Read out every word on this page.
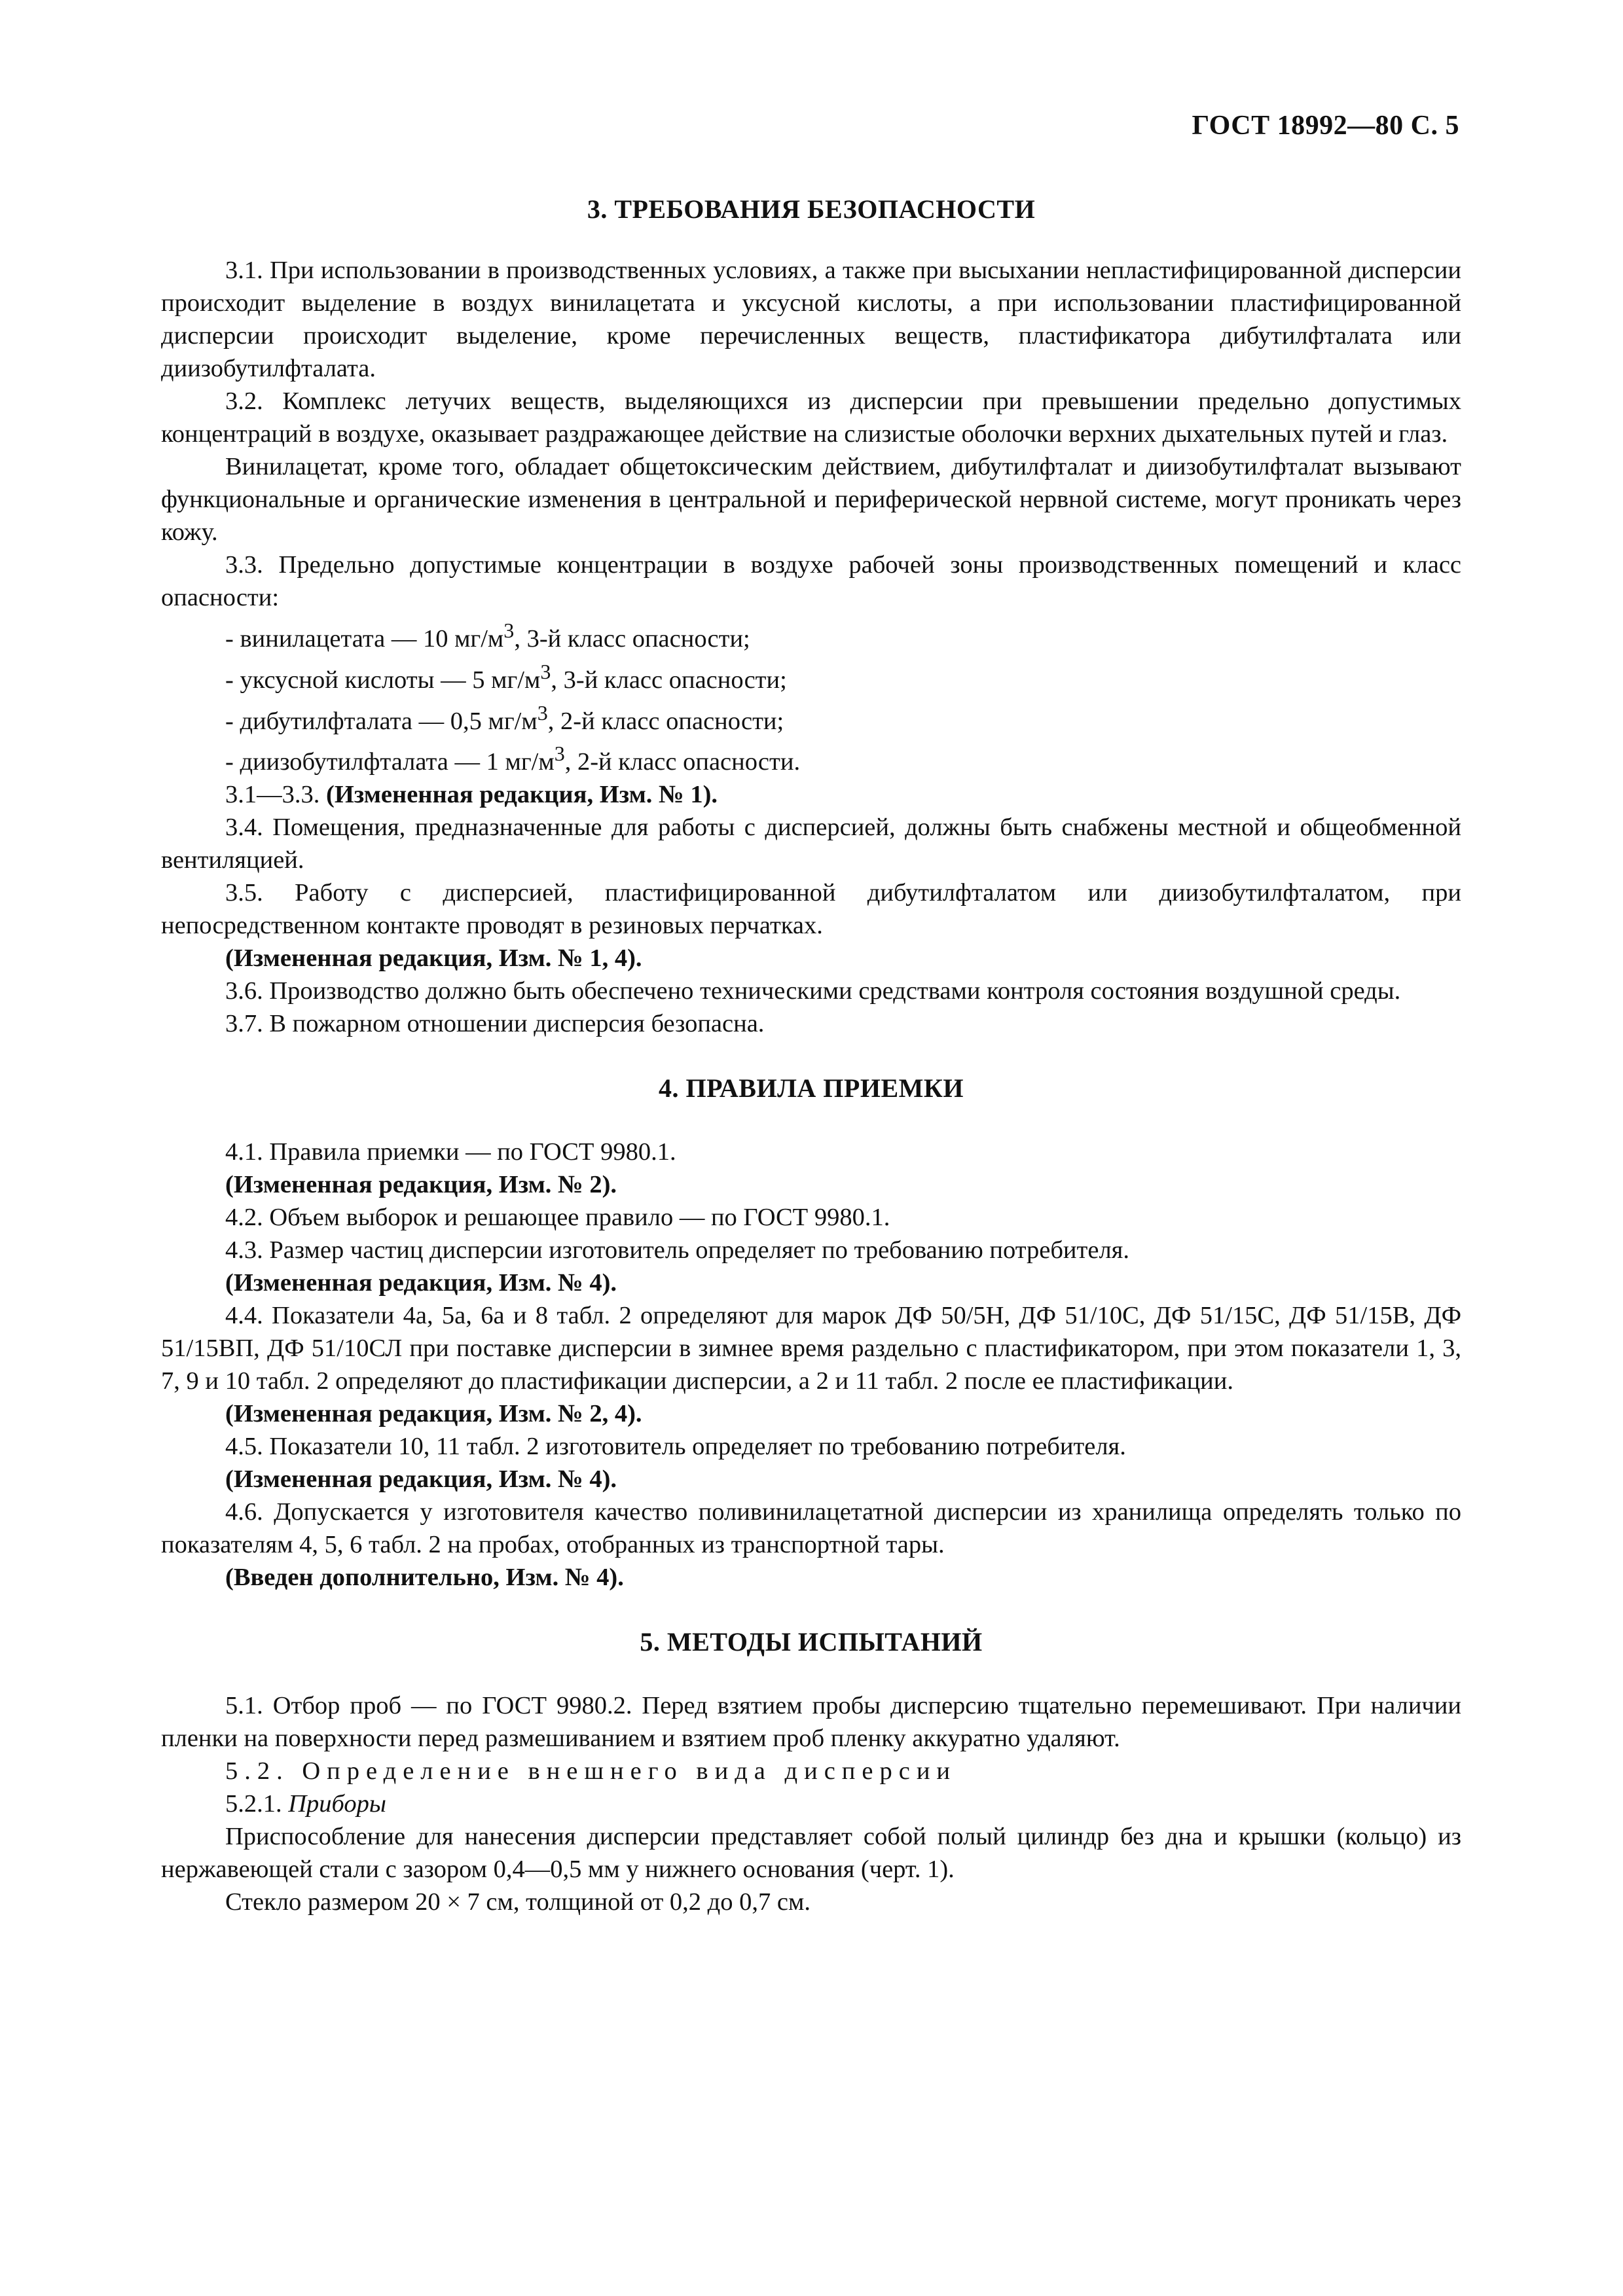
ГОСТ 18992—80 С. 5
3. ТРЕБОВАНИЯ БЕЗОПАСНОСТИ

3.1. При использовании в производственных условиях, а также при высыхании непластифицированной дисперсии происходит выделение в воздух винилацетата и уксусной кислоты, а при использовании пластифицированной дисперсии происходит выделение, кроме перечисленных веществ, пластификатора дибутилфталата или диизобутилфталата.

3.2. Комплекс летучих веществ, выделяющихся из дисперсии при превышении предельно допустимых концентраций в воздухе, оказывает раздражающее действие на слизистые оболочки верхних дыхательных путей и глаз.

Винилацетат, кроме того, обладает общетоксическим действием, дибутилфталат и диизобутилфталат вызывают функциональные и органические изменения в центральной и периферической нервной системе, могут проникать через кожу.

3.3. Предельно допустимые концентрации в воздухе рабочей зоны производственных помещений и класс опасности:

- винилацетата — 10 $мг/м^3$, 3-й класс опасности;

- уксусной кислоты — 5 $мг/м^3$, 3-й класс опасности;

- дибутилфталата — 0,5 $мг/м^3$, 2-й класс опасности;

- диизобутилфталата — 1 $мг/м^3$, 2-й класс опасности.

3.1—3.3. (Измененная редакция, Изм. № 1).

3.4. Помещения, предназначенные для работы с дисперсией, должны быть снабжены местной и общеобменной вентиляцией.

3.5. Работу с дисперсией, пластифицированной дибутилфталатом или диизобутилфталатом, при непосредственном контакте проводят в резиновых перчатках.

(Измененная редакция, Изм. № 1, 4).

3.6. Производство должно быть обеспечено техническими средствами контроля состояния воздушной среды.

3.7. В пожарном отношении дисперсия безопасна.

4. ПРАВИЛА ПРИЕМКИ

4.1. Правила приемки — по ГОСТ 9980.1.

(Измененная редакция, Изм. № 2).

4.2. Объем выборок и решающее правило — по ГОСТ 9980.1.

4.3. Размер частиц дисперсии изготовитель определяет по требованию потребителя.

(Измененная редакция, Изм. № 4).

4.4. Показатели 4а, 5а, 6а и 8 табл. 2 определяют для марок ДФ 50/5Н, ДФ 51/10С, ДФ 51/15С, ДФ 51/15В, ДФ 51/15ВП, ДФ 51/10СЛ при поставке дисперсии в зимнее время раздельно с пластификатором, при этом показатели 1, 3, 7, 9 и 10 табл. 2 определяют до пластификации дисперсии, а 2 и 11 табл. 2 после ее пластификации.

(Измененная редакция, Изм. № 2, 4).

4.5. Показатели 10, 11 табл. 2 изготовитель определяет по требованию потребителя.

(Измененная редакция, Изм. № 4).

4.6. Допускается у изготовителя качество поливинилацетатной дисперсии из хранилища определять только по показателям 4, 5, 6 табл. 2 на пробах, отобранных из транспортной тары.

(Введен дополнительно, Изм. № 4).

5. МЕТОДЫ ИСПЫТАНИЙ

5.1. Отбор проб — по ГОСТ 9980.2. Перед взятием пробы дисперсию тщательно перемешивают. При наличии пленки на поверхности перед размешиванием и взятием проб пленку аккуратно удаляют.

5.2. Определение внешнего вида дисперсии

5.2.1. Приборы

Приспособление для нанесения дисперсии представляет собой полый цилиндр без дна и крышки (кольцо) из нержавеющей стали с зазором 0,4—0,5 мм у нижнего основания (черт. 1).

Стекло размером 20 × 7 см, толщиной от 0,2 до 0,7 см.
